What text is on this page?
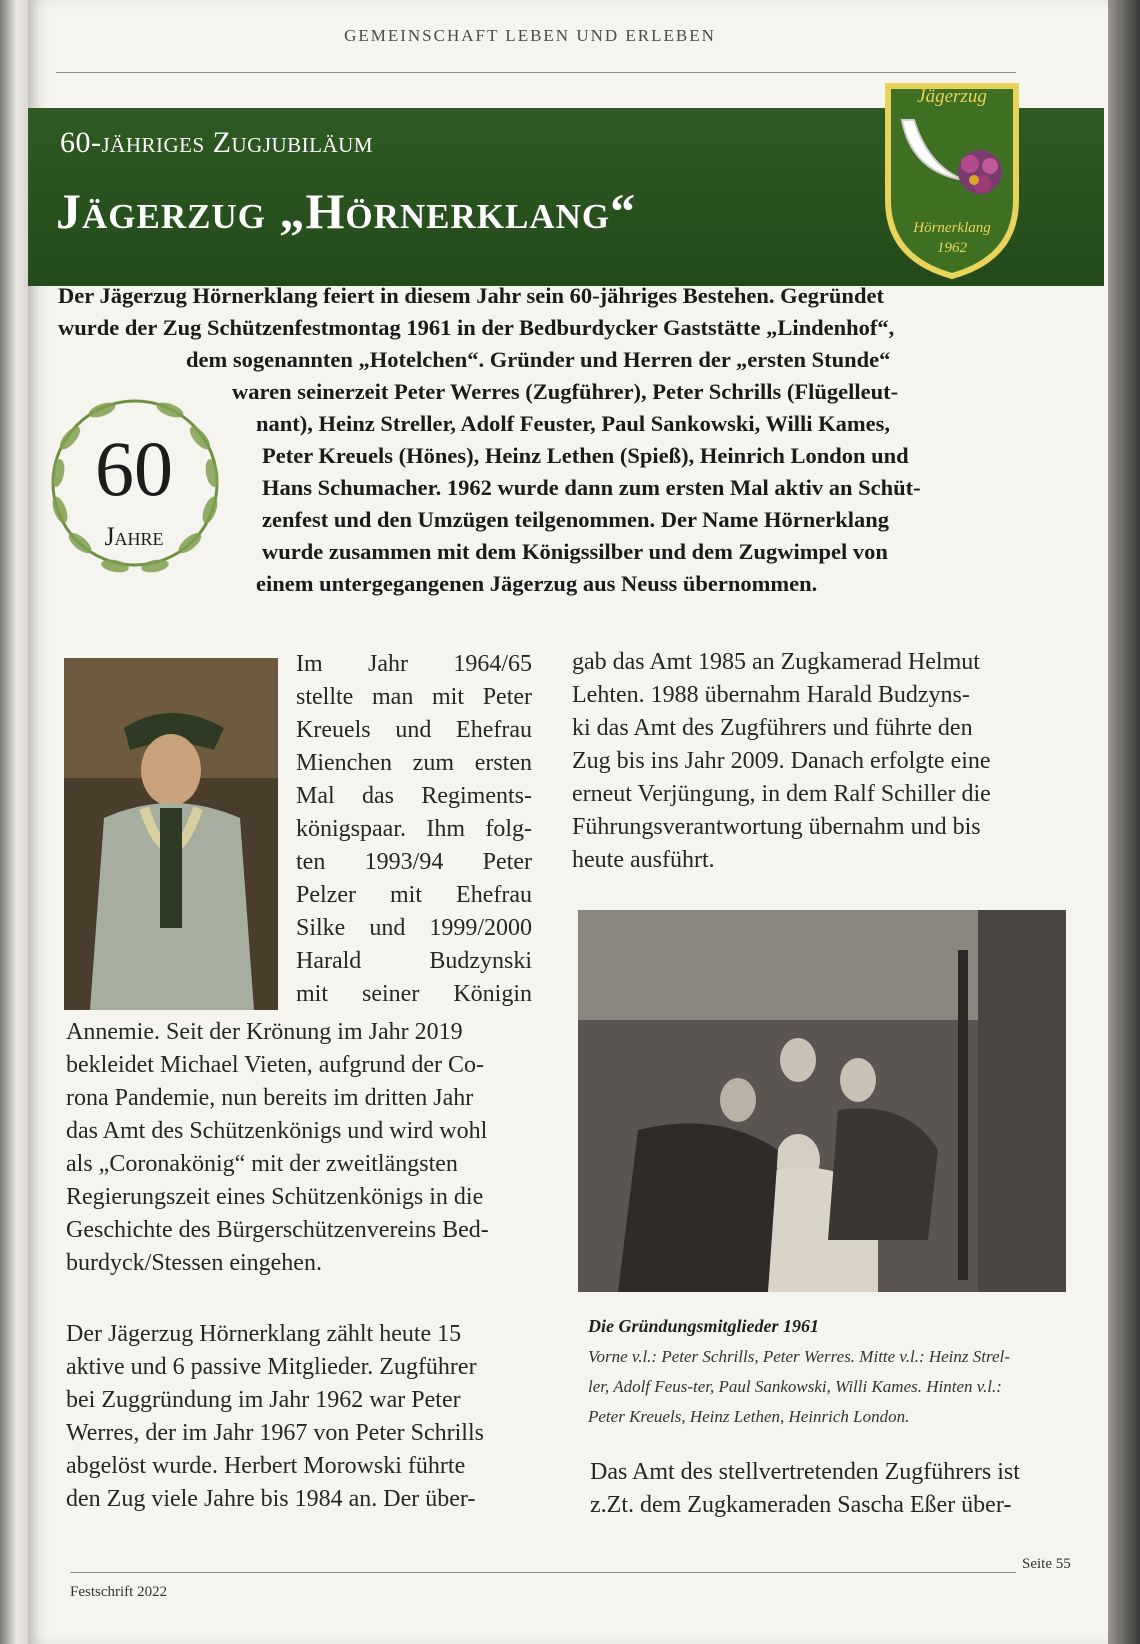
GEMEINSCHAFT LEBEN UND ERLEBEN
60-jähriges Zugjubiläum
Jägerzug „Hörnerklang“
Jägerzug
Hörnerklang
1962
Der Jägerzug Hörnerklang feiert in diesem Jahr sein 60-jähriges Bestehen. Gegründet
wurde der Zug Schützenfestmontag 1961 in der Bedburdycker Gaststätte „Lindenhof“,
dem sogenannten „Hotelchen“. Gründer und Herren der „ersten Stunde“
waren seinerzeit Peter Werres (Zugführer), Peter Schrills (Flügelleut-
nant), Heinz Streller, Adolf Feuster, Paul Sankowski, Willi Kames,
Peter Kreuels (Hönes), Heinz Lethen (Spieß), Heinrich London und
Hans Schumacher. 1962 wurde dann zum ersten Mal aktiv an Schüt-
zenfest und den Umzügen teilgenommen. Der Name Hörnerklang
wurde zusammen mit dem Königssilber und dem Zugwimpel von
einem untergegangenen Jägerzug aus Neuss übernommen.
60
Jahre
Im Jahr 1964/65
stellte man mit Peter
Kreuels und Ehefrau
Mienchen zum ersten
Mal das Regiments-
königspaar. Ihm folg-
ten 1993/94 Peter
Pelzer mit Ehefrau
Silke und 1999/2000
Harald Budzynski
mit seiner Königin
Annemie. Seit der Krönung im Jahr 2019
bekleidet Michael Vieten, aufgrund der Co-
rona Pandemie, nun bereits im dritten Jahr
das Amt des Schützenkönigs und wird wohl
als „Coronakönig“ mit der zweitlängsten
Regierungszeit eines Schützenkönigs in die
Geschichte des Bürgerschützenvereins Bed-
burdyck/Stessen eingehen.
Der Jägerzug Hörnerklang zählt heute 15
aktive und 6 passive Mitglieder. Zugführer
bei Zuggründung im Jahr 1962 war Peter
Werres, der im Jahr 1967 von Peter Schrills
abgelöst wurde. Herbert Morowski führte
den Zug viele Jahre bis 1984 an. Der über-
gab das Amt 1985 an Zugkamerad Helmut
Lehten. 1988 übernahm Harald Budzyns-
ki das Amt des Zugführers und führte den
Zug bis ins Jahr 2009. Danach erfolgte eine
erneut Verjüngung, in dem Ralf Schiller die
Führungsverantwortung übernahm und bis
heute ausführt.
Die Gründungsmitglieder 1961
Vorne v.l.: Peter Schrills, Peter Werres. Mitte v.l.: Heinz Strel-
ler, Adolf Feus-ter, Paul Sankowski, Willi Kames. Hinten v.l.:
Peter Kreuels, Heinz Lethen, Heinrich London.
Das Amt des stellvertretenden Zugführers ist
z.Zt. dem Zugkameraden Sascha Eßer über-
Festschrift 2022
Seite 55
